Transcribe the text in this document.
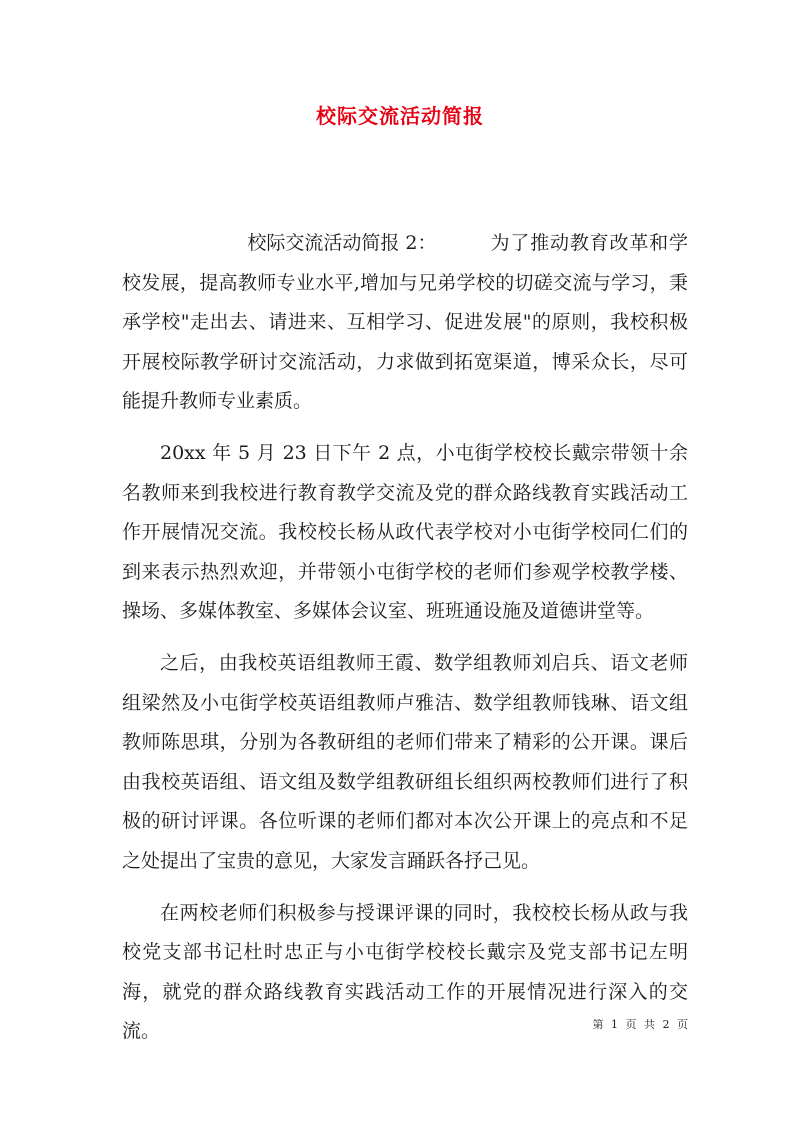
校际交流活动简报

校际交流活动简报 2：	为了推动教育改革和学校发展，提高教师专业水平,增加与兄弟学校的切磋交流与学习，秉承学校"走出去、请进来、互相学习、促进发展"的原则，我校积极开展校际教学研讨交流活动，力求做到拓宽渠道，博采众长，尽可能提升教师专业素质。

20xx 年 5 月 23 日下午 2 点，小屯街学校校长戴宗带领十余名教师来到我校进行教育教学交流及党的群众路线教育实践活动工作开展情况交流。我校校长杨从政代表学校对小屯街学校同仁们的到来表示热烈欢迎，并带领小屯街学校的老师们参观学校教学楼、操场、多媒体教室、多媒体会议室、班班通设施及道德讲堂等。

之后，由我校英语组教师王霞、数学组教师刘启兵、语文老师组梁然及小屯街学校英语组教师卢雅洁、数学组教师钱琳、语文组教师陈思琪，分别为各教研组的老师们带来了精彩的公开课。课后由我校英语组、语文组及数学组教研组长组织两校教师们进行了积极的研讨评课。各位听课的老师们都对本次公开课上的亮点和不足之处提出了宝贵的意见，大家发言踊跃各抒己见。

在两校老师们积极参与授课评课的同时，我校校长杨从政与我校党支部书记杜时忠正与小屯街学校校长戴宗及党支部书记左明海，就党的群众路线教育实践活动工作的开展情况进行深入的交流。	第 1 页 共 2 页
